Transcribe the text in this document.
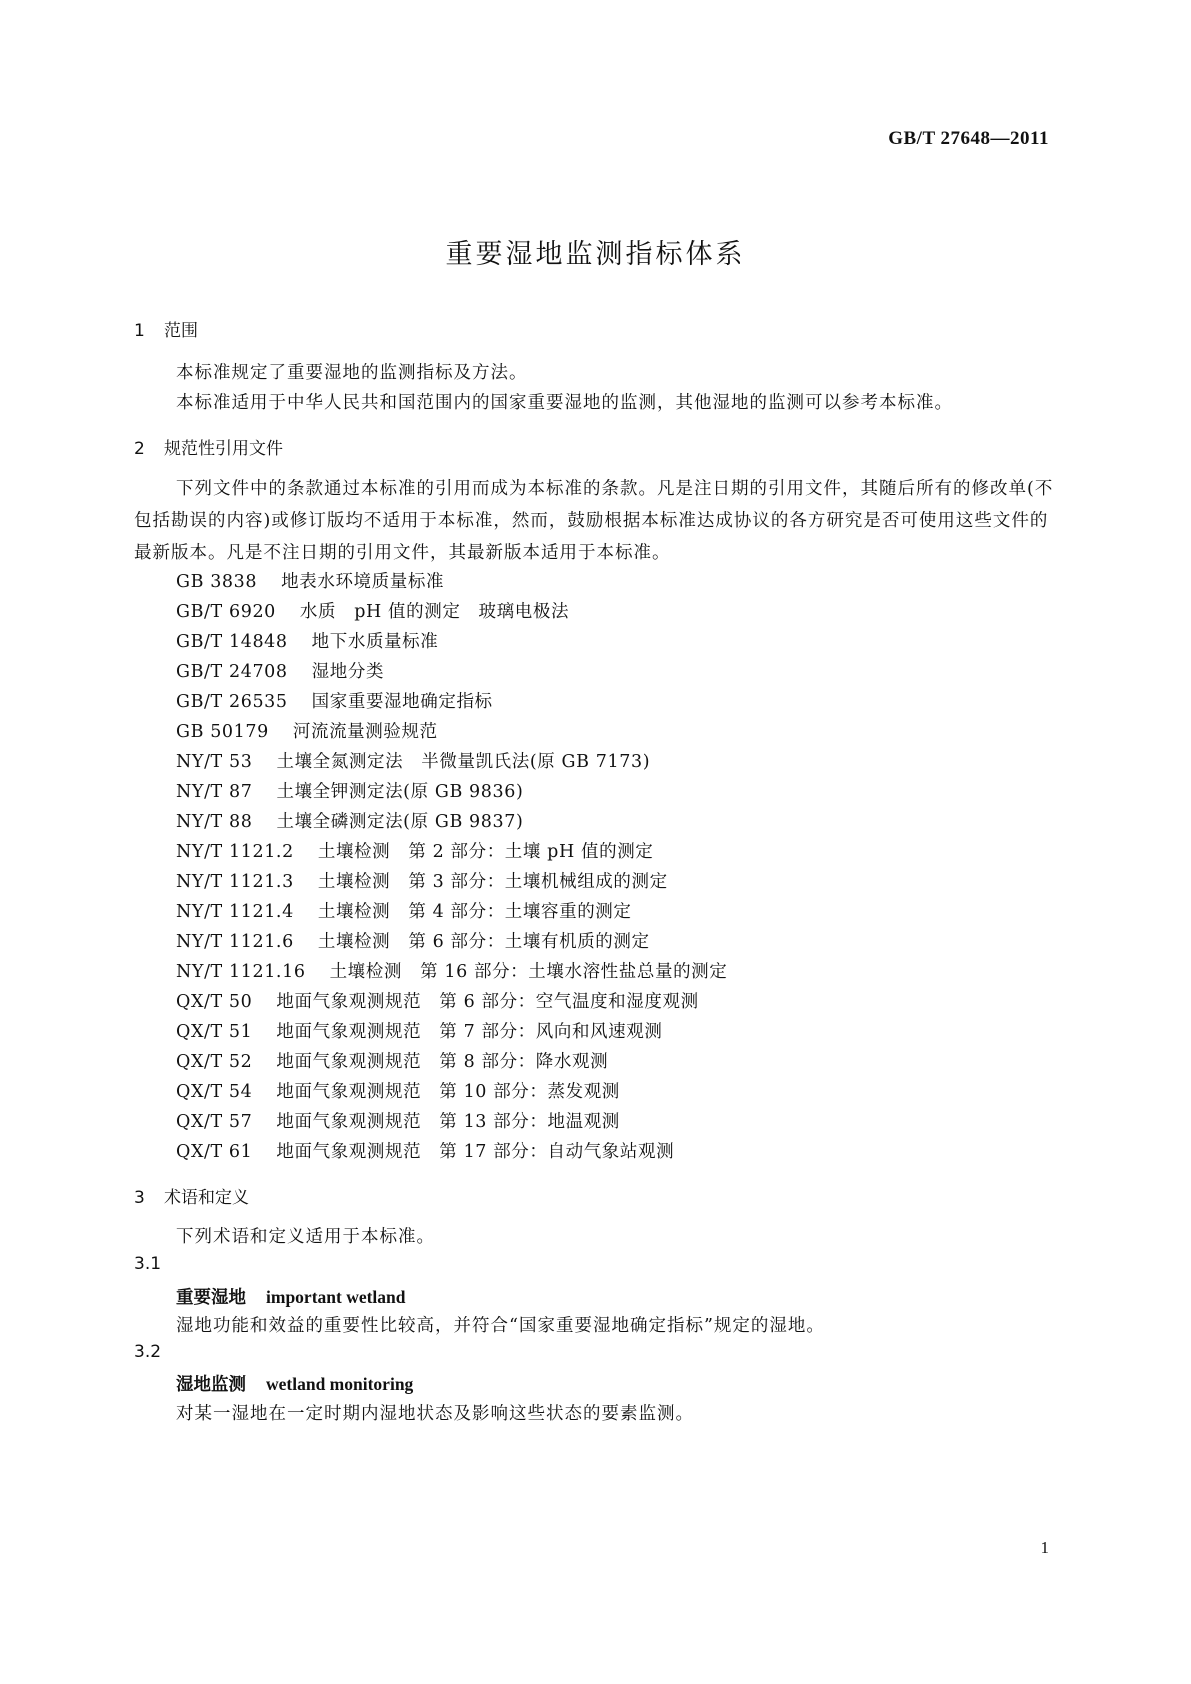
GB/T 27648—2011
重要湿地监测指标体系
1 范围
本标准规定了重要湿地的监测指标及方法。
本标准适用于中华人民共和国范围内的国家重要湿地的监测，其他湿地的监测可以参考本标准。
2 规范性引用文件
下列文件中的条款通过本标准的引用而成为本标准的条款。凡是注日期的引用文件，其随后所有的修改单(不包括勘误的内容)或修订版均不适用于本标准，然而，鼓励根据本标准达成协议的各方研究是否可使用这些文件的最新版本。凡是不注日期的引用文件，其最新版本适用于本标准。
GB 3838 地表水环境质量标准
GB/T 6920 水质　pH 值的测定　玻璃电极法
GB/T 14848 地下水质量标准
GB/T 24708 湿地分类
GB/T 26535 国家重要湿地确定指标
GB 50179 河流流量测验规范
NY/T 53 土壤全氮测定法　半微量凯氏法(原 GB 7173)
NY/T 87 土壤全钾测定法(原 GB 9836)
NY/T 88 土壤全磷测定法(原 GB 9837)
NY/T 1121.2 土壤检测　第 2 部分：土壤 pH 值的测定
NY/T 1121.3 土壤检测　第 3 部分：土壤机械组成的测定
NY/T 1121.4 土壤检测　第 4 部分：土壤容重的测定
NY/T 1121.6 土壤检测　第 6 部分：土壤有机质的测定
NY/T 1121.16 土壤检测　第 16 部分：土壤水溶性盐总量的测定
QX/T 50 地面气象观测规范　第 6 部分：空气温度和湿度观测
QX/T 51 地面气象观测规范　第 7 部分：风向和风速观测
QX/T 52 地面气象观测规范　第 8 部分：降水观测
QX/T 54 地面气象观测规范　第 10 部分：蒸发观测
QX/T 57 地面气象观测规范　第 13 部分：地温观测
QX/T 61 地面气象观测规范　第 17 部分：自动气象站观测
3 术语和定义
下列术语和定义适用于本标准。
3.1
重要湿地 important wetland
湿地功能和效益的重要性比较高，并符合“国家重要湿地确定指标”规定的湿地。
3.2
湿地监测 wetland monitoring
对某一湿地在一定时期内湿地状态及影响这些状态的要素监测。
1
